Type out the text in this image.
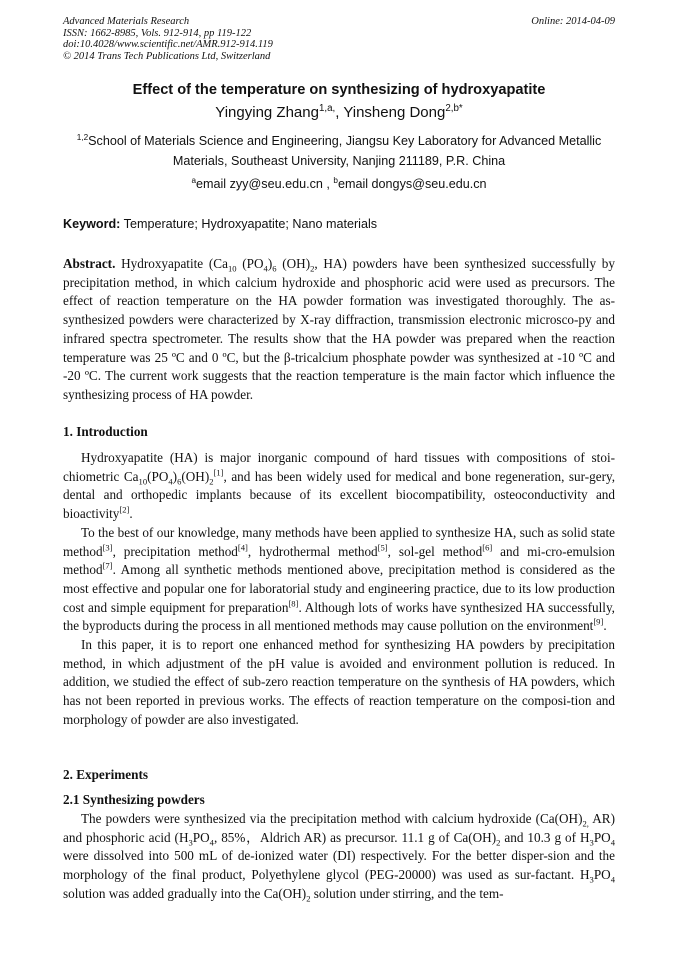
Advanced Materials Research
ISSN: 1662-8985, Vols. 912-914, pp 119-122
doi:10.4028/www.scientific.net/AMR.912-914.119
© 2014 Trans Tech Publications Ltd, Switzerland
Online: 2014-04-09
Effect of the temperature on synthesizing of hydroxyapatite
Yingying Zhang$^{1,a,}$, Yinsheng Dong$^{2,b*}$
$^{1,2}$School of Materials Science and Engineering, Jiangsu Key Laboratory for Advanced Metallic
Materials, Southeast University, Nanjing 211189, P.R. China
$^a$email zyy@seu.edu.cn , $^b$email dongys@seu.edu.cn
Keyword: Temperature; Hydroxyapatite; Nano materials

Abstract. Hydroxyapatite ($Ca_{10}$ $(PO_4)_6$ $(OH)_2$, HA) powders have been synthesized successfully by precipitation method, in which calcium hydroxide and phosphoric acid were used as precursors. The effect of reaction temperature on the HA powder formation was investigated thoroughly. The as-synthesized powders were characterized by X-ray diffraction, transmission electronic microsco-py and infrared spectra spectrometer. The results show that the HA powder was prepared when the reaction temperature was 25 ºC and 0 ºC, but the β-tricalcium phosphate powder was synthesized at -10 ºC and -20 ºC. The current work suggests that the reaction temperature is the main factor which influence the synthesizing process of HA powder.

1. Introduction

Hydroxyapatite (HA) is major inorganic compound of hard tissues with compositions of stoi-chiometric $Ca_{10}(PO_4)_6(OH)_2[1]$, and has been widely used for medical and bone regeneration, sur-gery, dental and orthopedic implants because of its excellent biocompatibility, osteoconductivity and bioactivity[2].

To the best of our knowledge, many methods have been applied to synthesize HA, such as solid state method[3], precipitation method[4], hydrothermal method[5], sol-gel method[6] and mi-cro-emulsion method[7]. Among all synthetic methods mentioned above, precipitation method is considered as the most effective and popular one for laboratorial study and engineering practice, due to its low production cost and simple equipment for preparation[8]. Although lots of works have synthesized HA successfully, the byproducts during the process in all mentioned methods may cause pollution on the environment[9].

In this paper, it is to report one enhanced method for synthesizing HA powders by precipitation method, in which adjustment of the pH value is avoided and environment pollution is reduced. In addition, we studied the effect of sub-zero reaction temperature on the synthesis of HA powders, which has not been reported in previous works. The effects of reaction temperature on the composi-tion and morphology of powder are also investigated.

2. Experiments
2.1 Synthesizing powders

The powders were synthesized via the precipitation method with calcium hydroxide ($Ca(OH)_{2,}$ AR) and phosphoric acid ($H_3PO_4$, 85%，Aldrich AR) as precursor. 11.1 g of $Ca(OH)_2$ and 10.3 g of $H_3PO_4$ were dissolved into 500 mL of de-ionized water (DI) respectively. For the better disper-sion and the morphology of the final product, Polyethylene glycol (PEG-20000) was used as sur-factant. $H_3PO_4$ solution was added gradually into the $Ca(OH)_2$ solution under stirring, and the tem-
